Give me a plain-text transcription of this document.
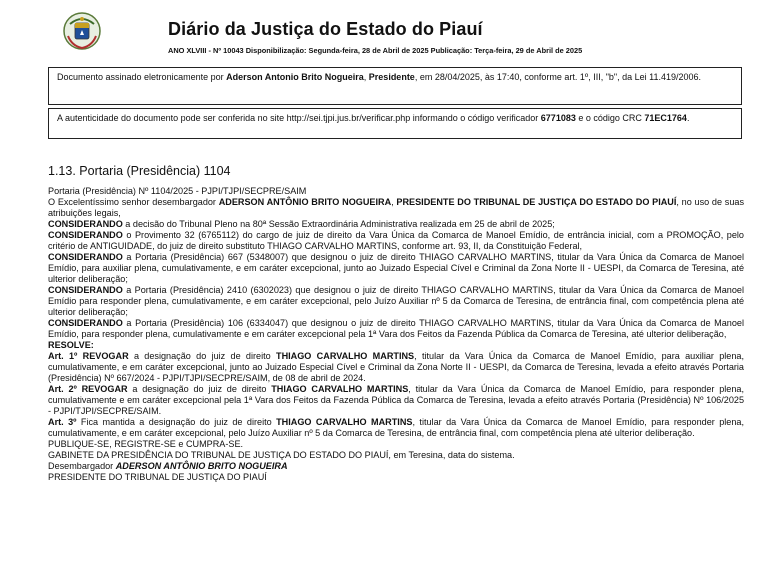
Diário da Justiça do Estado do Piauí
ANO XLVIII - Nº 10043 Disponibilização: Segunda-feira, 28 de Abril de 2025 Publicação: Terça-feira, 29 de Abril de 2025
Documento assinado eletronicamente por Aderson Antonio Brito Nogueira, Presidente, em 28/04/2025, às 17:40, conforme art. 1º, III, "b", da Lei 11.419/2006.
A autenticidade do documento pode ser conferida no site http://sei.tjpi.jus.br/verificar.php informando o código verificador 6771083 e o código CRC 71EC1764.
1.13. Portaria (Presidência) 1104

Portaria (Presidência) Nº 1104/2025 - PJPI/TJPI/SECPRE/SAIM

O Excelentíssimo senhor desembargador ADERSON ANTÔNIO BRITO NOGUEIRA, PRESIDENTE DO TRIBUNAL DE JUSTIÇA DO ESTADO DO PIAUÍ, no uso de suas atribuições legais,

CONSIDERANDO a decisão do Tribunal Pleno na 80ª Sessão Extraordinária Administrativa realizada em 25 de abril de 2025;

CONSIDERANDO o Provimento 32 (6765112) do cargo de juiz de direito da Vara Única da Comarca de Manoel Emídio, de entrância inicial, com a PROMOÇÃO, pelo critério de ANTIGUIDADE, do juiz de direito substituto THIAGO CARVALHO MARTINS, conforme art. 93, II, da Constituição Federal,

CONSIDERANDO a Portaria (Presidência) 667 (5348007) que designou o juiz de direito THIAGO CARVALHO MARTINS, titular da Vara Única da Comarca de Manoel Emídio, para auxiliar plena, cumulativamente, e em caráter excepcional, junto ao Juizado Especial Cível e Criminal da Zona Norte II - UESPI, da Comarca de Teresina, até ulterior deliberação;

CONSIDERANDO a Portaria (Presidência) 2410 (6302023) que designou o juiz de direito THIAGO CARVALHO MARTINS, titular da Vara Única da Comarca de Manoel Emídio para responder plena, cumulativamente, e em caráter excepcional, pelo Juízo Auxiliar nº 5 da Comarca de Teresina, de entrância final, com competência plena até ulterior deliberação;

CONSIDERANDO a Portaria (Presidência) 106 (6334047) que designou o juiz de direito THIAGO CARVALHO MARTINS, titular da Vara Única da Comarca de Manoel Emídio, para responder plena, cumulativamente e em caráter excepcional pela 1ª Vara dos Feitos da Fazenda Pública da Comarca de Teresina, até ulterior deliberação,

RESOLVE:

Art. 1º REVOGAR a designação do juiz de direito THIAGO CARVALHO MARTINS, titular da Vara Única da Comarca de Manoel Emídio, para auxiliar plena, cumulativamente, e em caráter excepcional, junto ao Juizado Especial Cível e Criminal da Zona Norte II - UESPI, da Comarca de Teresina, levada a efeito através Portaria (Presidência) Nº 667/2024 - PJPI/TJPI/SECPRE/SAIM, de 08 de abril de 2024.

Art. 2º REVOGAR a designação do juiz de direito THIAGO CARVALHO MARTINS, titular da Vara Única da Comarca de Manoel Emídio, para responder plena, cumulativamente e em caráter excepcional pela 1ª Vara dos Feitos da Fazenda Pública da Comarca de Teresina, levada a efeito através Portaria (Presidência) Nº 106/2025 - PJPI/TJPI/SECPRE/SAIM.

Art. 3º Fica mantida a designação do juiz de direito THIAGO CARVALHO MARTINS, titular da Vara Única da Comarca de Manoel Emídio, para responder plena, cumulativamente, e em caráter excepcional, pelo Juízo Auxiliar nº 5 da Comarca de Teresina, de entrância final, com competência plena até ulterior deliberação.

PUBLIQUE-SE, REGISTRE-SE e CUMPRA-SE.

GABINETE DA PRESIDÊNCIA DO TRIBUNAL DE JUSTIÇA DO ESTADO DO PIAUÍ, em Teresina, data do sistema.

Desembargador ADERSON ANTÔNIO BRITO NOGUEIRA

PRESIDENTE DO TRIBUNAL DE JUSTIÇA DO PIAUÍ
